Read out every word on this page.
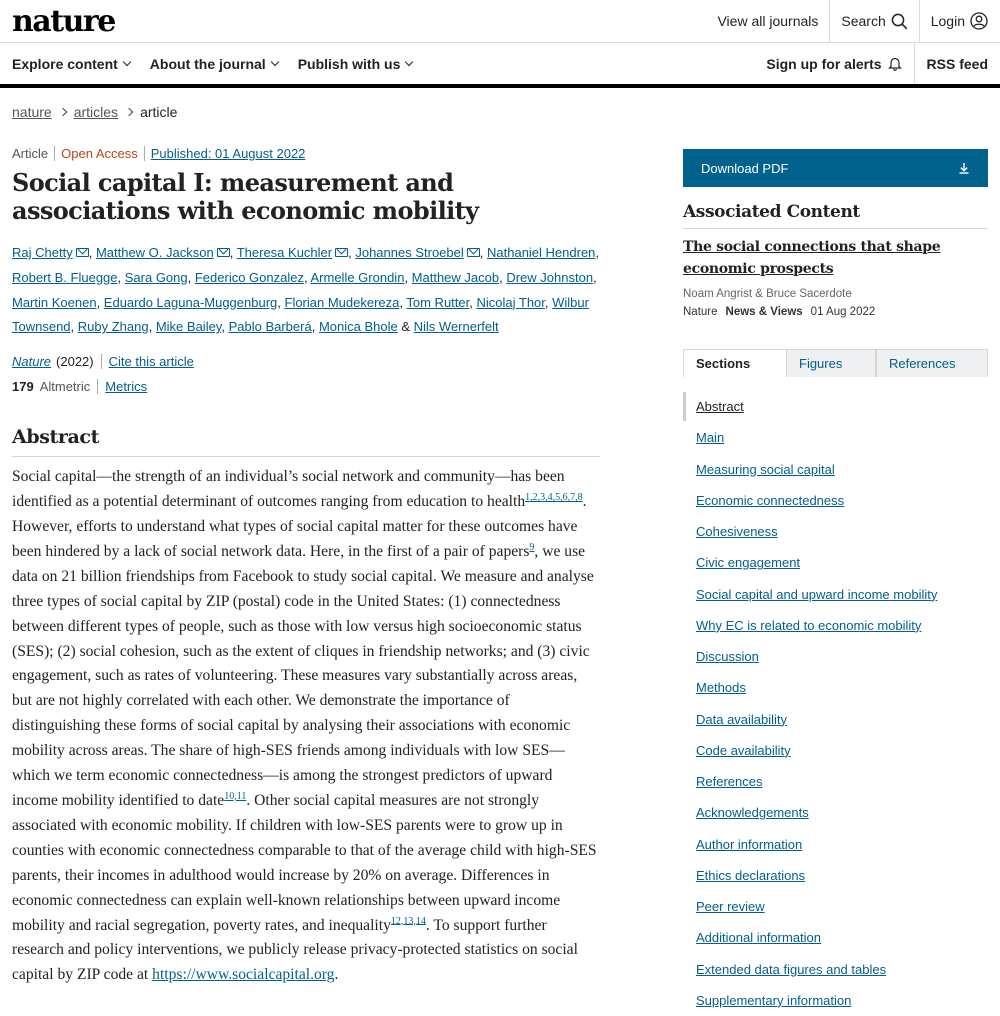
nature	View all journals Search	Login
Explore content About the journal Publish with us	Sign up for alerts	RSS feed
nature articles article
Article Open Access Published: 01 August 2022
Social capital I: measurement and associations with economic mobility
Raj Chetty , Matthew O. Jackson , Theresa Kuchler , Johannes Stroebel , Nathaniel Hendren, Robert B. Fluegge, Sara Gong, Federico Gonzalez, Armelle Grondin, Matthew Jacob, Drew Johnston, Martin Koenen, Eduardo Laguna-Muggenburg, Florian Mudekereza, Tom Rutter, Nicolaj Thor, Wilbur Townsend, Ruby Zhang, Mike Bailey, Pablo Barberá, Monica Bhole & Nils Wernerfelt
Nature (2022) Cite this article
179 Altmetric Metrics
Abstract

Social capital—the strength of an individual’s social network and community—has been identified as a potential determinant of outcomes ranging from education to health$^{1,2,3,4,5,6,7,8}$. However, efforts to understand what types of social capital matter for these outcomes have been hindered by a lack of social network data. Here, in the first of a pair of papers$^9$, we use data on 21 billion friendships from Facebook to study social capital. We measure and analyse three types of social capital by ZIP (postal) code in the United States: (1) connectedness between different types of people, such as those with low versus high socioeconomic status (SES); (2) social cohesion, such as the extent of cliques in friendship networks; and (3) civic engagement, such as rates of volunteering. These measures vary substantially across areas, but are not highly correlated with each other. We demonstrate the importance of distinguishing these forms of social capital by analysing their associations with economic mobility across areas. The share of high-SES friends among individuals with low SES—which we term economic connectedness—is among the strongest predictors of upward income mobility identified to date$^{10,11}$. Other social capital measures are not strongly associated with economic mobility. If children with low-SES parents were to grow up in counties with economic connectedness comparable to that of the average child with high-SES parents, their incomes in adulthood would increase by 20% on average. Differences in economic connectedness can explain well-known relationships between upward income mobility and racial segregation, poverty rates, and inequality$^{12,13,14}$. To support further research and policy interventions, we publicly release privacy-protected statistics on social capital by ZIP code at https://www.socialcapital.org.

Download PDF
Associated Content
The social connections that shape economic prospects
Noam Angrist & Bruce Sacerdote
Nature News & Views 01 Aug 2022
Sections	Figures	References
Abstract
Main
Measuring social capital
Economic connectedness
Cohesiveness
Civic engagement
Social capital and upward income mobility
Why EC is related to economic mobility
Discussion
Methods
Data availability
Code availability
References
Acknowledgements
Author information
Ethics declarations
Peer review
Additional information
Extended data figures and tables
Supplementary information
